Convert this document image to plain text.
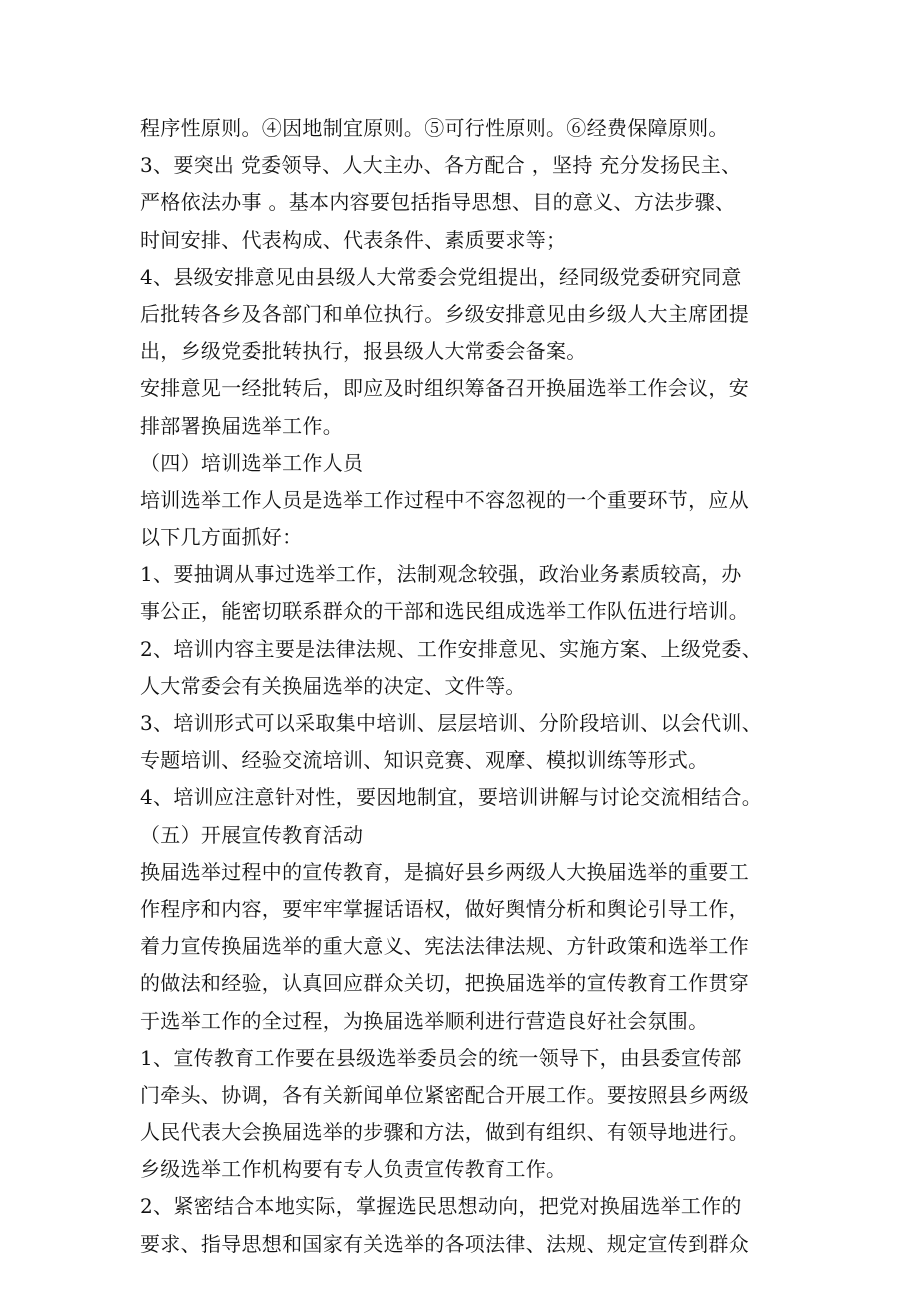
程序性原则。④因地制宜原则。⑤可行性原则。⑥经费保障原则。
3、要突出 党委领导、人大主办、各方配合 ，坚持 充分发扬民主、
严格依法办事 。基本内容要包括指导思想、目的意义、方法步骤、
时间安排、代表构成、代表条件、素质要求等；
4、县级安排意见由县级人大常委会党组提出，经同级党委研究同意
后批转各乡及各部门和单位执行。乡级安排意见由乡级人大主席团提
出，乡级党委批转执行，报县级人大常委会备案。
安排意见一经批转后，即应及时组织筹备召开换届选举工作会议，安
排部署换届选举工作。
（四）培训选举工作人员
培训选举工作人员是选举工作过程中不容忽视的一个重要环节，应从
以下几方面抓好：
1、要抽调从事过选举工作，法制观念较强，政治业务素质较高，办
事公正，能密切联系群众的干部和选民组成选举工作队伍进行培训。
2、培训内容主要是法律法规、工作安排意见、实施方案、上级党委、
人大常委会有关换届选举的决定、文件等。
3、培训形式可以采取集中培训、层层培训、分阶段培训、以会代训、
专题培训、经验交流培训、知识竞赛、观摩、模拟训练等形式。
4、培训应注意针对性，要因地制宜，要培训讲解与讨论交流相结合。
（五）开展宣传教育活动
换届选举过程中的宣传教育，是搞好县乡两级人大换届选举的重要工
作程序和内容，要牢牢掌握话语权，做好舆情分析和舆论引导工作，
着力宣传换届选举的重大意义、宪法法律法规、方针政策和选举工作
的做法和经验，认真回应群众关切，把换届选举的宣传教育工作贯穿
于选举工作的全过程，为换届选举顺利进行营造良好社会氛围。
1、宣传教育工作要在县级选举委员会的统一领导下，由县委宣传部
门牵头、协调，各有关新闻单位紧密配合开展工作。要按照县乡两级
人民代表大会换届选举的步骤和方法，做到有组织、有领导地进行。
乡级选举工作机构要有专人负责宣传教育工作。
2、紧密结合本地实际，掌握选民思想动向，把党对换届选举工作的
要求、指导思想和国家有关选举的各项法律、法规、规定宣传到群众
